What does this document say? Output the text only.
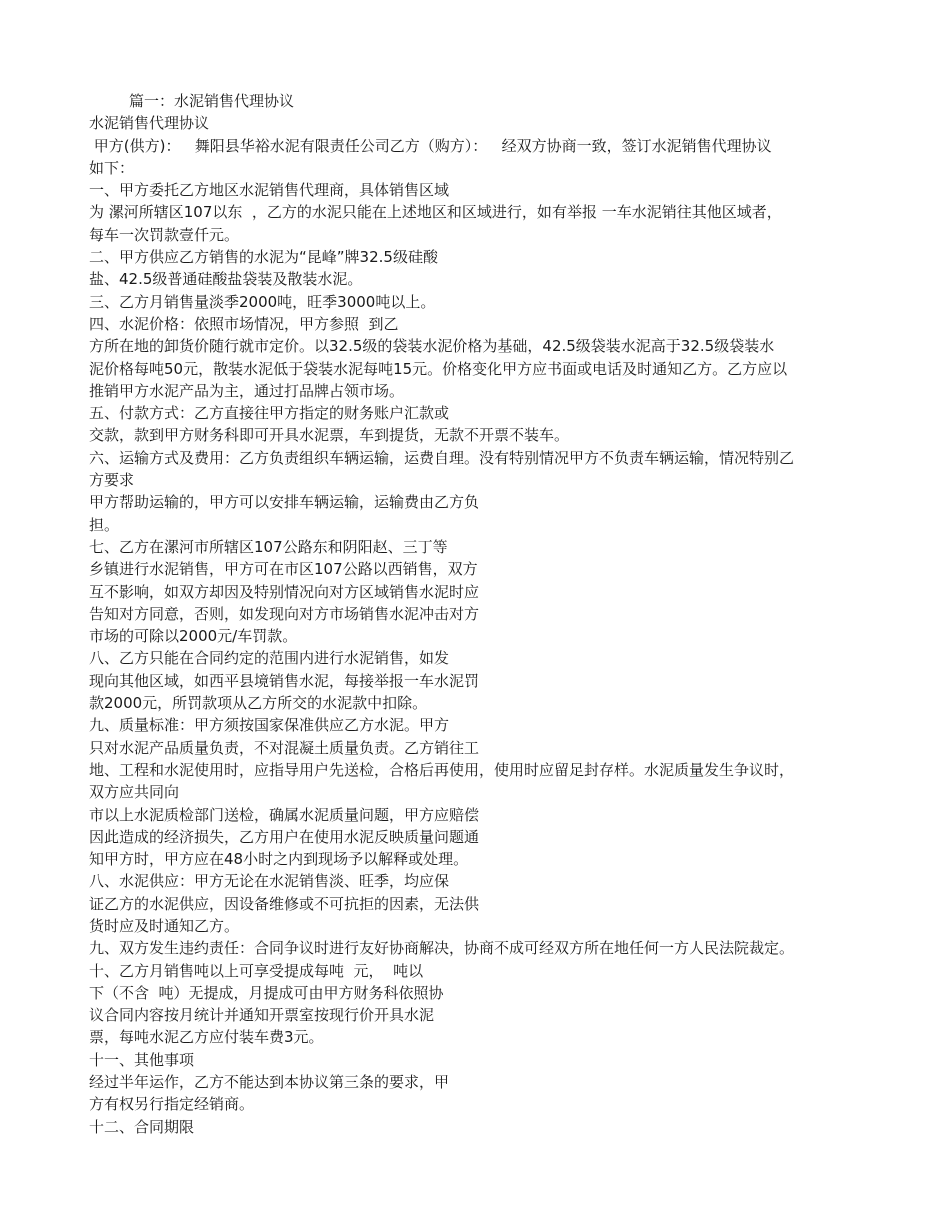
篇一：水泥销售代理协议
水泥销售代理协议
甲方(供方)：   舞阳县华裕水泥有限责任公司乙方（购方）：   经双方协商一致，签订水泥销售代理协议
如下：
一、甲方委托乙方地区水泥销售代理商，具体销售区域
为 漯河所辖区107以东  ，乙方的水泥只能在上述地区和区域进行，如有举报 一车水泥销往其他区域者，
每车一次罚款壹仟元。
二、甲方供应乙方销售的水泥为“昆峰”牌32.5级硅酸
盐、42.5级普通硅酸盐袋装及散装水泥。
三、乙方月销售量淡季2000吨，旺季3000吨以上。
四、水泥价格：依照市场情况，甲方参照  到乙
方所在地的卸货价随行就市定价。以32.5级的袋装水泥价格为基础，42.5级袋装水泥高于32.5级袋装水
泥价格每吨50元，散装水泥低于袋装水泥每吨15元。价格变化甲方应书面或电话及时通知乙方。乙方应以
推销甲方水泥产品为主，通过打品牌占领市场。
五、付款方式：乙方直接往甲方指定的财务账户汇款或
交款，款到甲方财务科即可开具水泥票，车到提货，无款不开票不装车。
六、运输方式及费用：乙方负责组织车辆运输，运费自理。没有特别情况甲方不负责车辆运输，情况特别乙
方要求
甲方帮助运输的，甲方可以安排车辆运输，运输费由乙方负
担。
七、乙方在漯河市所辖区107公路东和阴阳赵、三丁等
乡镇进行水泥销售，甲方可在市区107公路以西销售，双方
互不影响，如双方却因及特别情况向对方区域销售水泥时应
告知对方同意，否则，如发现向对方市场销售水泥冲击对方
市场的可除以2000元/车罚款。
八、乙方只能在合同约定的范围内进行水泥销售，如发
现向其他区域，如西平县境销售水泥，每接举报一车水泥罚
款2000元，所罚款项从乙方所交的水泥款中扣除。
九、质量标准：甲方须按国家保准供应乙方水泥。甲方
只对水泥产品质量负责，不对混凝土质量负责。乙方销往工
地、工程和水泥使用时，应指导用户先送检，合格后再使用，使用时应留足封存样。水泥质量发生争议时，
双方应共同向
市以上水泥质检部门送检，确属水泥质量问题，甲方应赔偿
因此造成的经济损失，乙方用户在使用水泥反映质量问题通
知甲方时，甲方应在48小时之内到现场予以解释或处理。
八、水泥供应：甲方无论在水泥销售淡、旺季，均应保
证乙方的水泥供应，因设备维修或不可抗拒的因素，无法供
货时应及时通知乙方。
九、双方发生违约责任：合同争议时进行友好协商解决，协商不成可经双方所在地任何一方人民法院裁定。
十、乙方月销售吨以上可享受提成每吨  元，  吨以
下（不含  吨）无提成，月提成可由甲方财务科依照协
议合同内容按月统计并通知开票室按现行价开具水泥
票，每吨水泥乙方应付装车费3元。
十一、其他事项
经过半年运作，乙方不能达到本协议第三条的要求，甲
方有权另行指定经销商。
十二、合同期限
